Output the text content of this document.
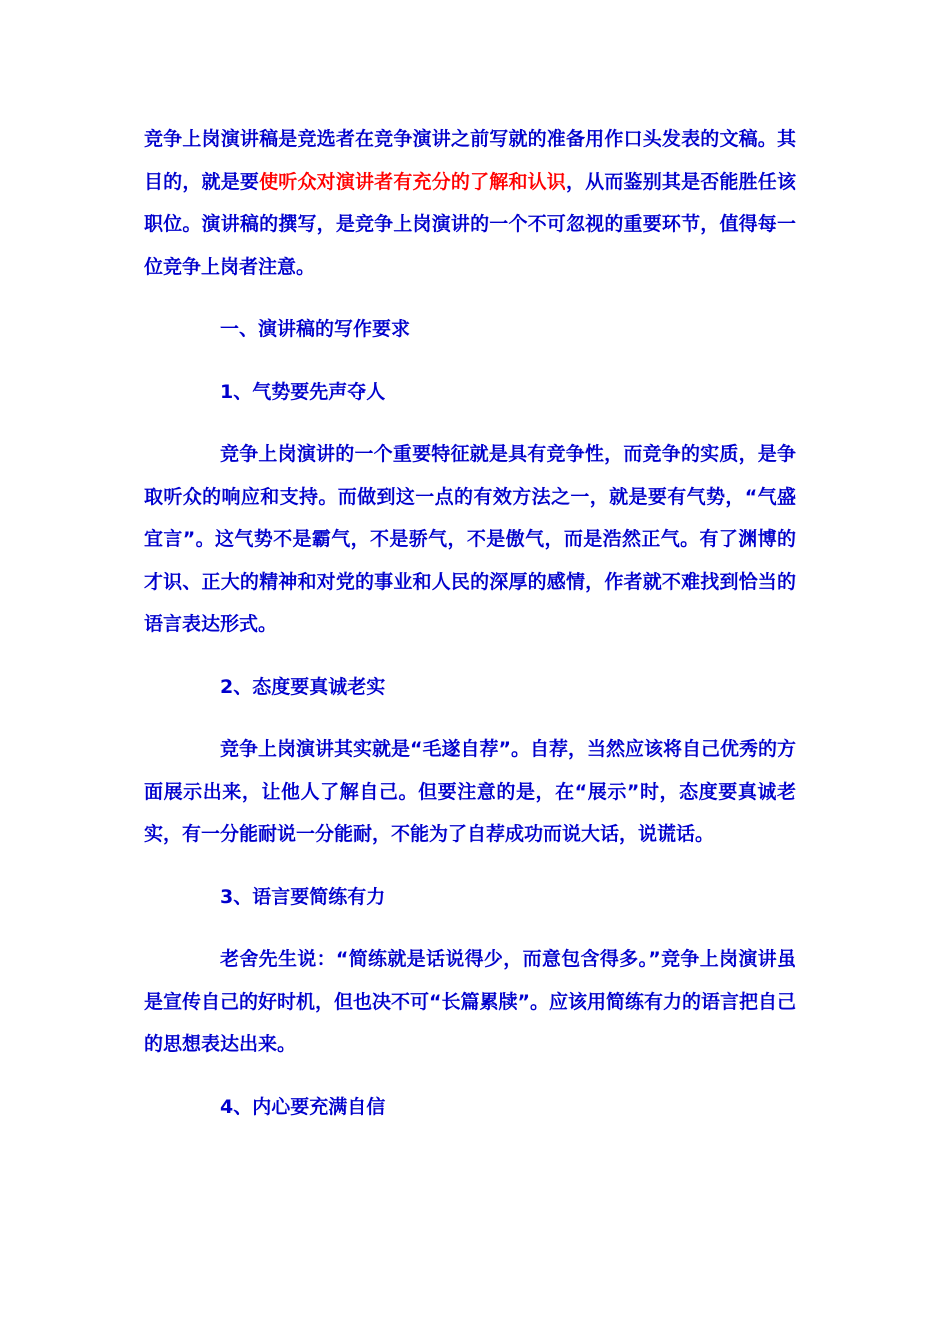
竞争上岗演讲稿是竞选者在竞争演讲之前写就的准备用作口头发表的文稿。其目的，就是要使听众对演讲者有充分的了解和认识，从而鉴别其是否能胜任该职位。演讲稿的撰写，是竞争上岗演讲的一个不可忽视的重要环节，值得每一位竞争上岗者注意。

一、演讲稿的写作要求

1、气势要先声夺人

竞争上岗演讲的一个重要特征就是具有竞争性，而竞争的实质，是争取听众的响应和支持。而做到这一点的有效方法之一，就是要有气势，“气盛宜言”。这气势不是霸气，不是骄气，不是傲气，而是浩然正气。有了渊博的才识、正大的精神和对党的事业和人民的深厚的感情，作者就不难找到恰当的语言表达形式。

2、态度要真诚老实

竞争上岗演讲其实就是“毛遂自荐”。自荐，当然应该将自己优秀的方面展示出来，让他人了解自己。但要注意的是，在“展示”时，态度要真诚老实，有一分能耐说一分能耐，不能为了自荐成功而说大话，说谎话。

3、语言要简练有力

老舍先生说：“简练就是话说得少，而意包含得多。”竞争上岗演讲虽是宣传自己的好时机，但也决不可“长篇累牍”。应该用简练有力的语言把自己的思想表达出来。

4、内心要充满自信
